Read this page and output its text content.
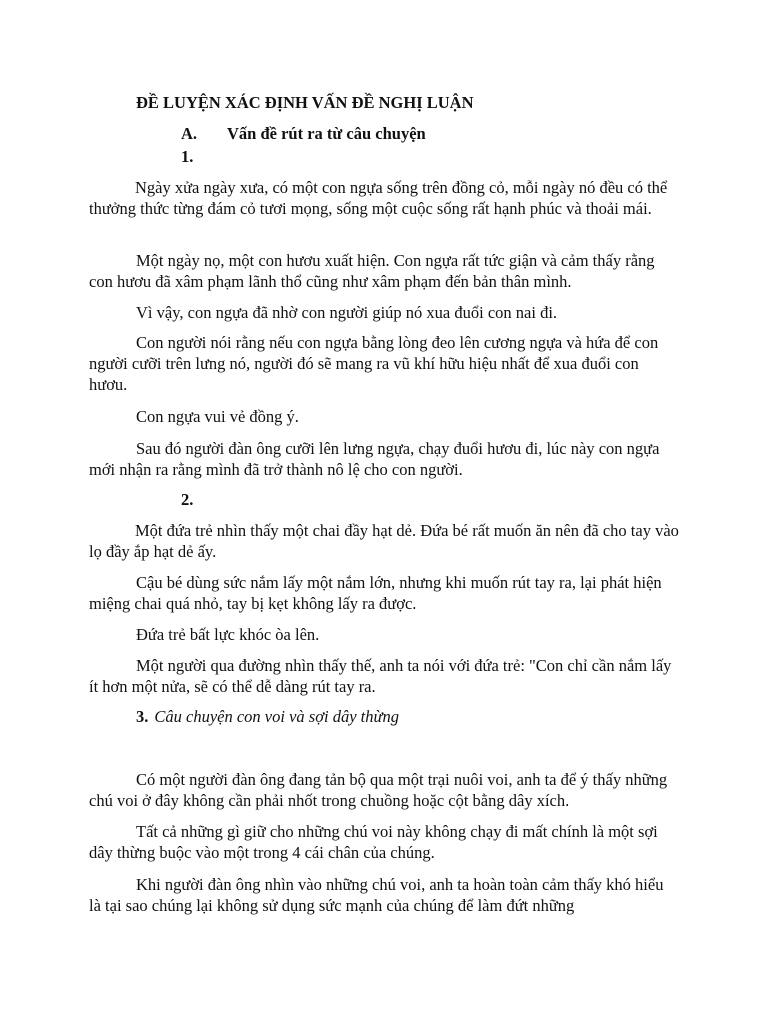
ĐỀ LUYỆN XÁC ĐỊNH VẤN ĐỀ NGHỊ LUẬN
A. Vấn đề rút ra từ câu chuyện
1.

Ngày xửa ngày xưa, có một con ngựa sống trên đồng cỏ, mỗi ngày nó đều có thể thưởng thức từng đám cỏ tươi mọng, sống một cuộc sống rất hạnh phúc và thoải mái.

Một ngày nọ, một con hươu xuất hiện. Con ngựa rất tức giận và cảm thấy rằng con hươu đã xâm phạm lãnh thổ cũng như xâm phạm đến bản thân mình.

Vì vậy, con ngựa đã nhờ con người giúp nó xua đuổi con nai đi.

Con người nói rằng nếu con ngựa bằng lòng đeo lên cương ngựa và hứa để con người cưỡi trên lưng nó, người đó sẽ mang ra vũ khí hữu hiệu nhất để xua đuổi con hươu.

Con ngựa vui vẻ đồng ý.

Sau đó người đàn ông cưỡi lên lưng ngựa, chạy đuổi hươu đi, lúc này con ngựa mới nhận ra rằng mình đã trở thành nô lệ cho con người.

2.

Một đứa trẻ nhìn thấy một chai đầy hạt dẻ. Đứa bé rất muốn ăn nên đã cho tay vào lọ đầy ắp hạt dẻ ấy.

Cậu bé dùng sức nắm lấy một nắm lớn, nhưng khi muốn rút tay ra, lại phát hiện miệng chai quá nhỏ, tay bị kẹt không lấy ra được.

Đứa trẻ bất lực khóc òa lên.

Một người qua đường nhìn thấy thế, anh ta nói với đứa trẻ: "Con chỉ cần nắm lấy ít hơn một nửa, sẽ có thể dễ dàng rút tay ra.

3. Câu chuyện con voi và sợi dây thừng

Có một người đàn ông đang tản bộ qua một trại nuôi voi, anh ta để ý thấy những chú voi ở đây không cần phải nhốt trong chuồng hoặc cột bằng dây xích.

Tất cả những gì giữ cho những chú voi này không chạy đi mất chính là một sợi dây thừng buộc vào một trong 4 cái chân của chúng.

Khi người đàn ông nhìn vào những chú voi, anh ta hoàn toàn cảm thấy khó hiểu là tại sao chúng lại không sử dụng sức mạnh của chúng để làm đứt những
